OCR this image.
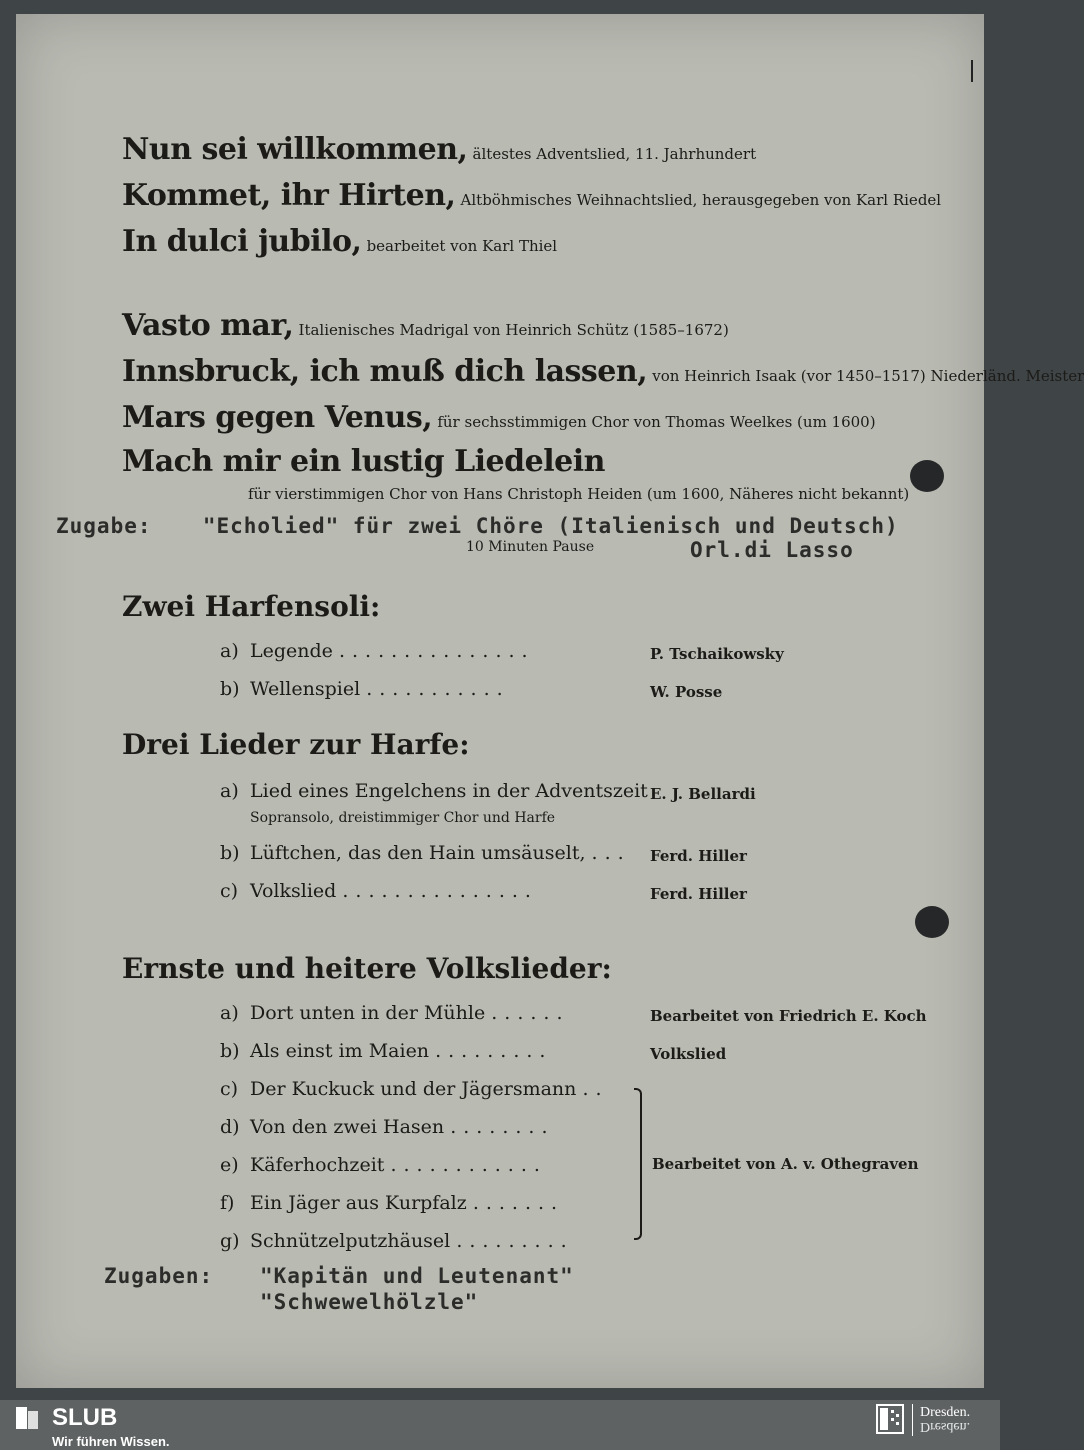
Nun sei willkommen, ältestes Adventslied, 11. Jahrhundert
Kommet, ihr Hirten, Altböhmisches Weihnachtslied, herausgegeben von Karl Riedel
In dulci jubilo, bearbeitet von Karl Thiel
Vasto mar, Italienisches Madrigal von Heinrich Schütz (1585–1672)
Innsbruck, ich muß dich lassen, von Heinrich Isaak (vor 1450–1517) Niederländ. Meister
Mars gegen Venus, für sechsstimmigen Chor von Thomas Weelkes (um 1600)
Mach mir ein lustig Liedelein
für vierstimmigen Chor von Hans Christoph Heiden (um 1600, Näheres nicht bekannt)
Zugabe: "Echolied" für zwei Chöre (Italienisch und Deutsch)
10 Minuten Pause	Orl.di Lasso
Zwei Harfensoli:
a) Legende ...............	P. Tschaikowsky
b) Wellenspiel ...........	W. Posse
Drei Lieder zur Harfe:
a) Lied eines Engelchens in der Adventszeit E. J. Bellardi
Sopransolo, dreistimmiger Chor und Harfe
b) Lüftchen, das den Hain umsäuselt, ... Ferd. Hiller
c) Volkslied ...............	Ferd. Hiller
Ernste und heitere Volkslieder:
a) Dort unten in der Mühle ......	Bearbeitet von Friedrich E. Koch
b) Als einst im Maien .........	Volkslied
c) Der Kuckuck und der Jägersmann ..
d) Von den zwei Hasen ........
e) Käferhochzeit ............
f) Ein Jäger aus Kurpfalz .......
g) Schnützelputzhäusel .........
Bearbeitet von A. v. Othegraven
Zugaben: "Kapitän und Leutenant"
"Schwewelhölzle"
SLUB
Wir führen Wissen.
Dresden.
Dresden.
